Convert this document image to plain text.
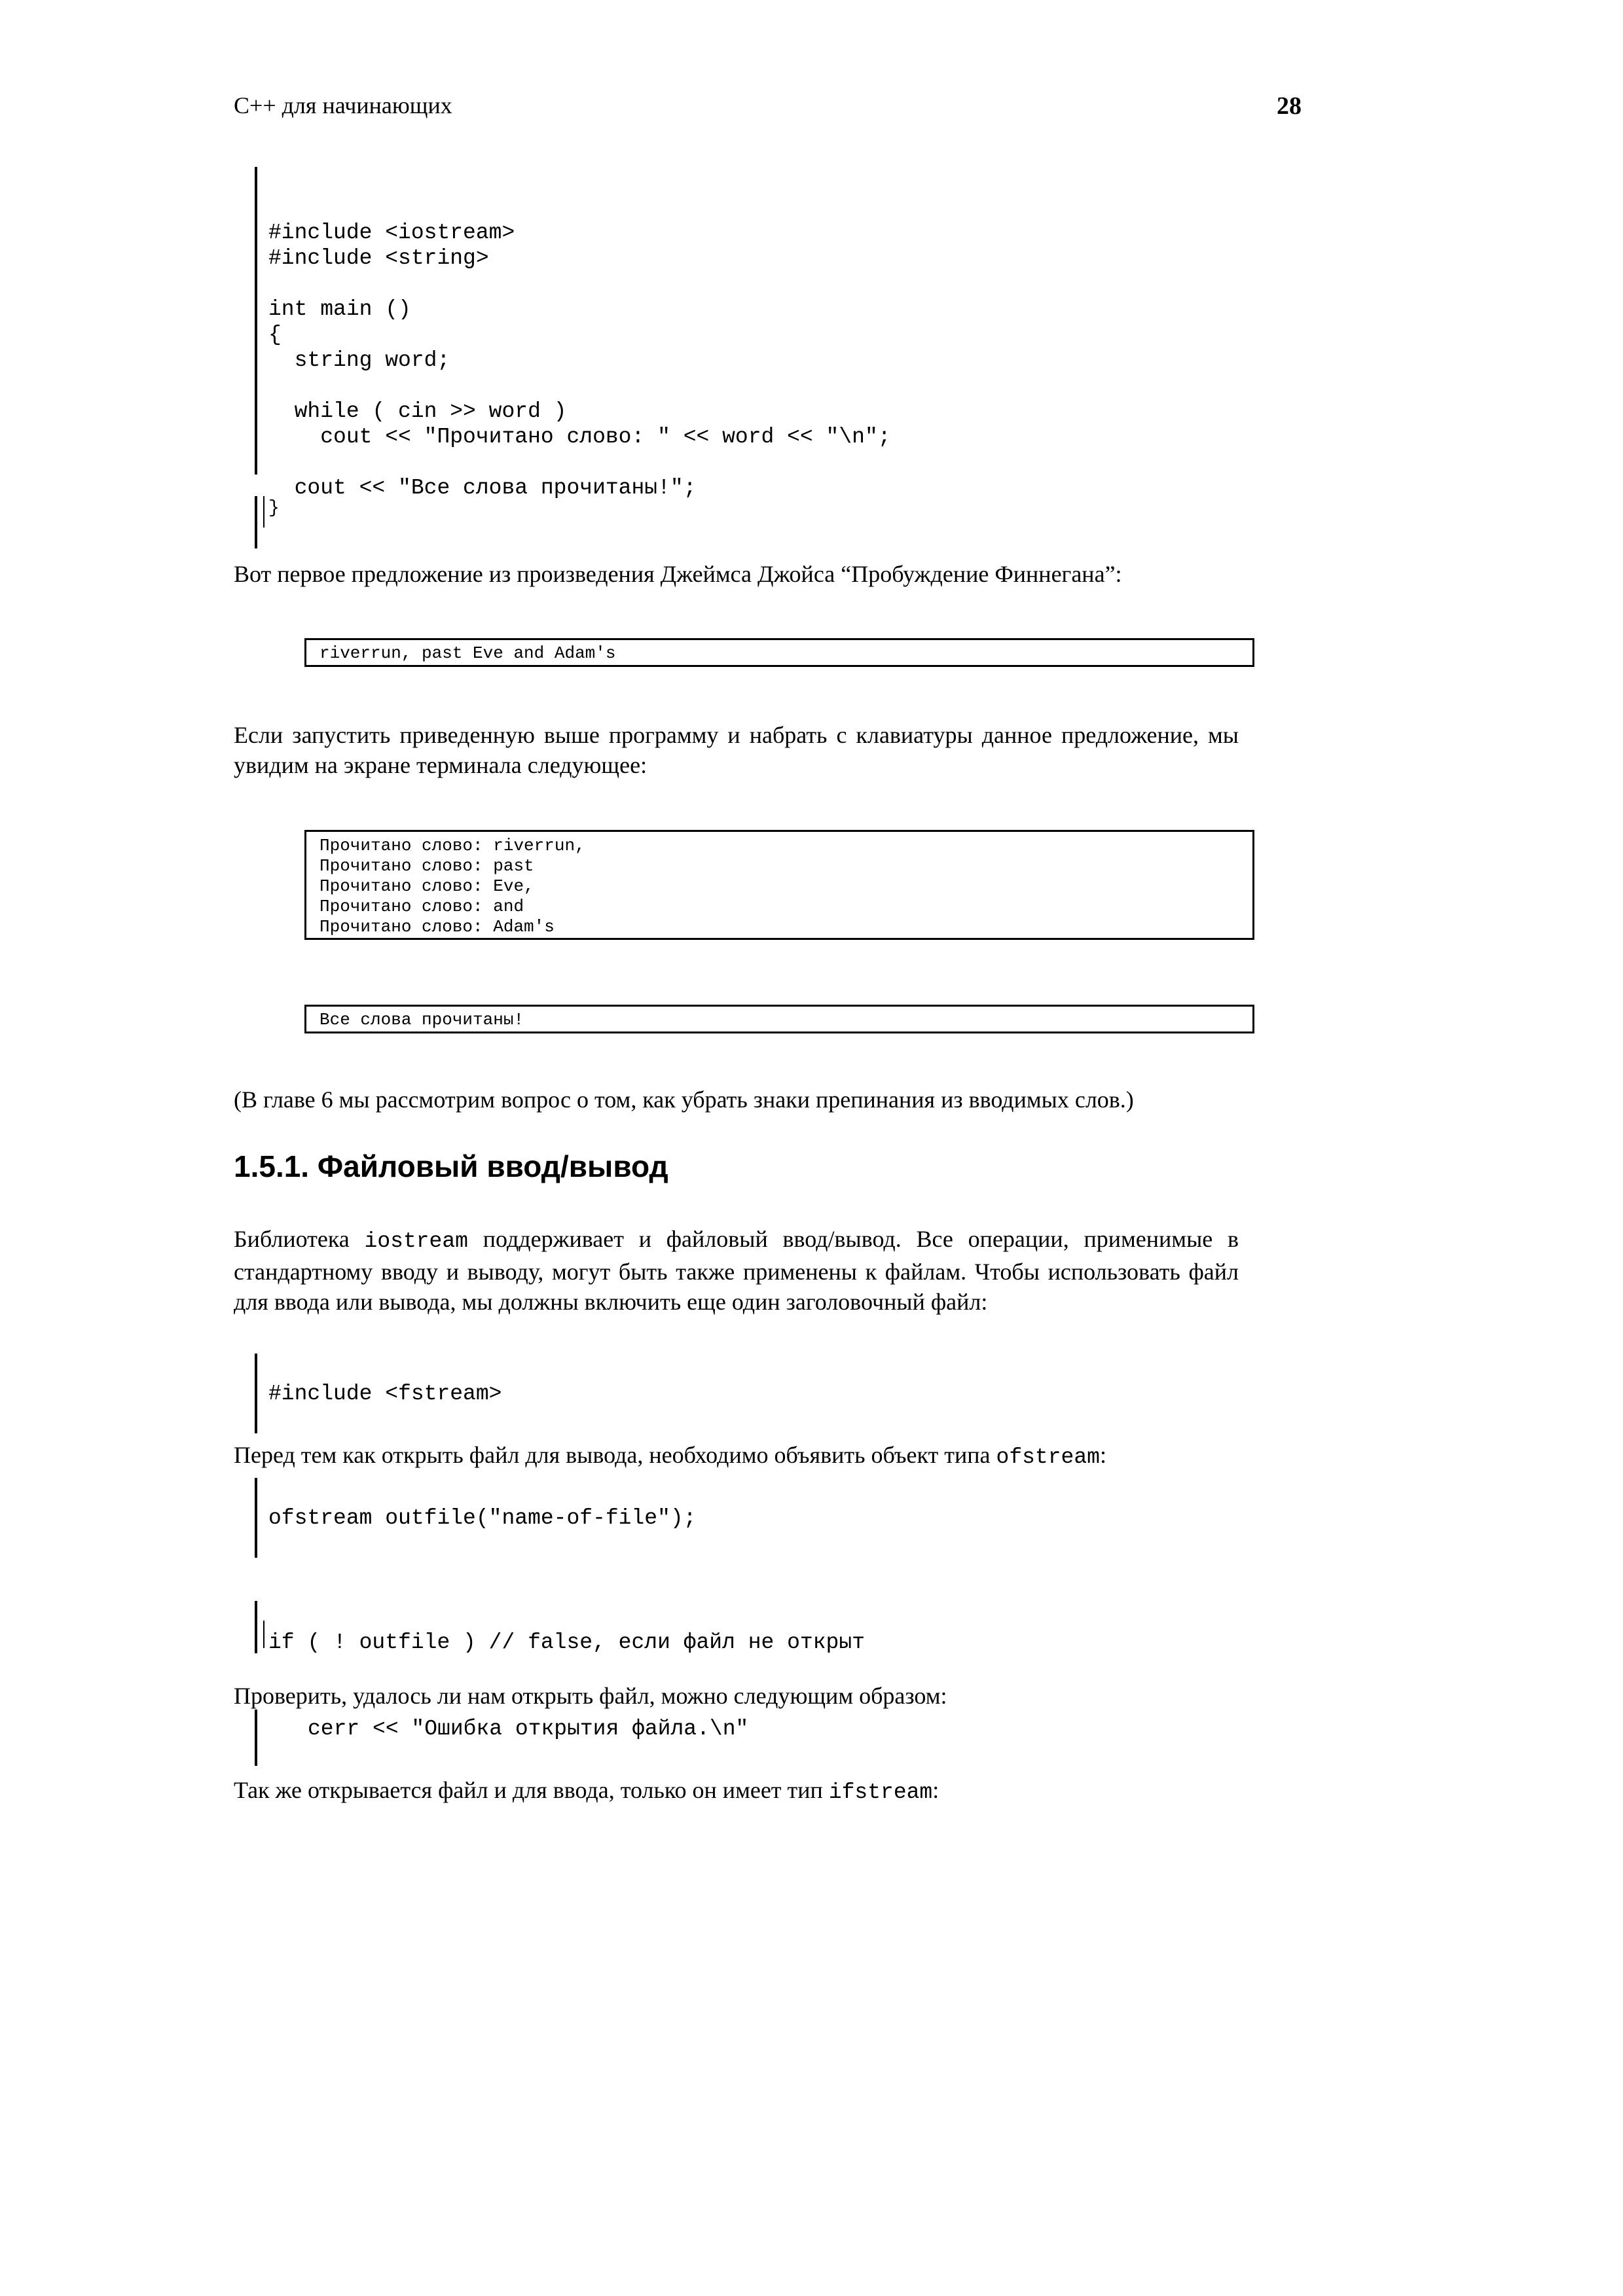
C++ для начинающих	28

#include <iostream>
#include <string>

int main ()
{
string word;

while ( cin >> word )
cout << "Прочитано слово: " << word << "\n";

cout << "Все слова прочитаны!";

}
Вот первое предложение из произведения Джеймса Джойса “Пробуждение Финнегана”:
riverrun, past Eve and Adam's
Если запустить приведенную выше программу и набрать с клавиатуры данное предложение, мы увидим на экране терминала следующее:
Прочитано слово: riverrun,
Прочитано слово: past
Прочитано слово: Eve,
Прочитано слово: and
Прочитано слово: Adam's
Все слова прочитаны!
(В главе 6 мы рассмотрим вопрос о том, как убрать знаки препинания из вводимых слов.)
1.5.1. Файловый ввод/вывод
Библиотека iostream поддерживает и файловый ввод/вывод. Все операции, применимые в стандартному вводу и выводу, могут быть также применены к файлам. Чтобы использовать файл для ввода или вывода, мы должны включить еще один заголовочный файл:
#include <fstream>
Перед тем как открыть файл для вывода, необходимо объявить объект типа ofstream:
ofstream outfile("name-of-file");
if ( ! outfile ) // false, если файл не открыт
Проверить, удалось ли нам открыть файл, можно следующим образом:
cerr << "Ошибка открытия файла.\n"
Так же открывается файл и для ввода, только он имеет тип ifstream:
